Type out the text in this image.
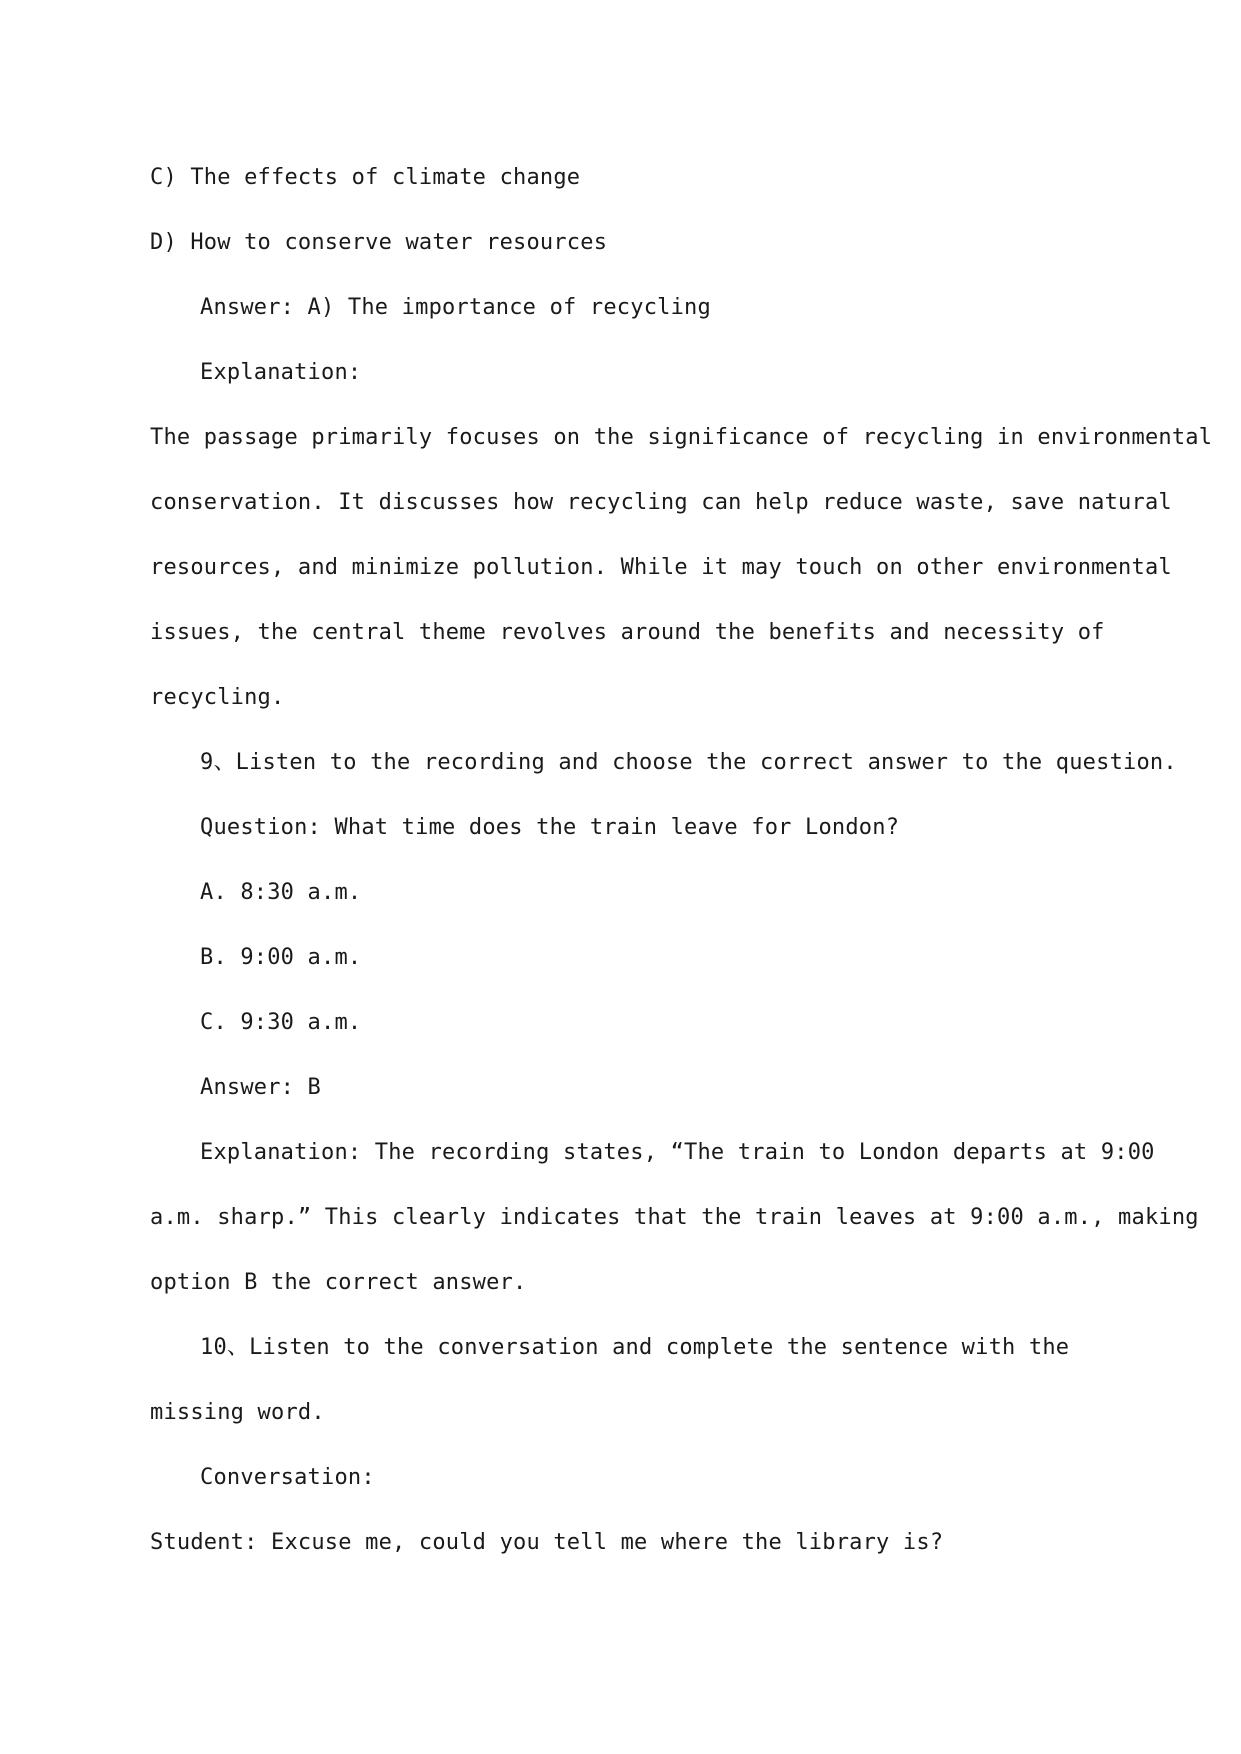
C) The effects of climate change
D) How to conserve water resources
Answer: A) The importance of recycling
Explanation:
The passage primarily focuses on the significance of recycling in environmental
conservation. It discusses how recycling can help reduce waste, save natural
resources, and minimize pollution. While it may touch on other environmental
issues, the central theme revolves around the benefits and necessity of
recycling.
9、Listen to the recording and choose the correct answer to the question.
Question: What time does the train leave for London?
A. 8:30 a.m.
B. 9:00 a.m.
C. 9:30 a.m.
Answer: B
Explanation: The recording states, “The train to London departs at 9:00
a.m. sharp.” This clearly indicates that the train leaves at 9:00 a.m., making
option B the correct answer.
10、Listen to the conversation and complete the sentence with the
missing word.
Conversation:
Student: Excuse me, could you tell me where the library is?
